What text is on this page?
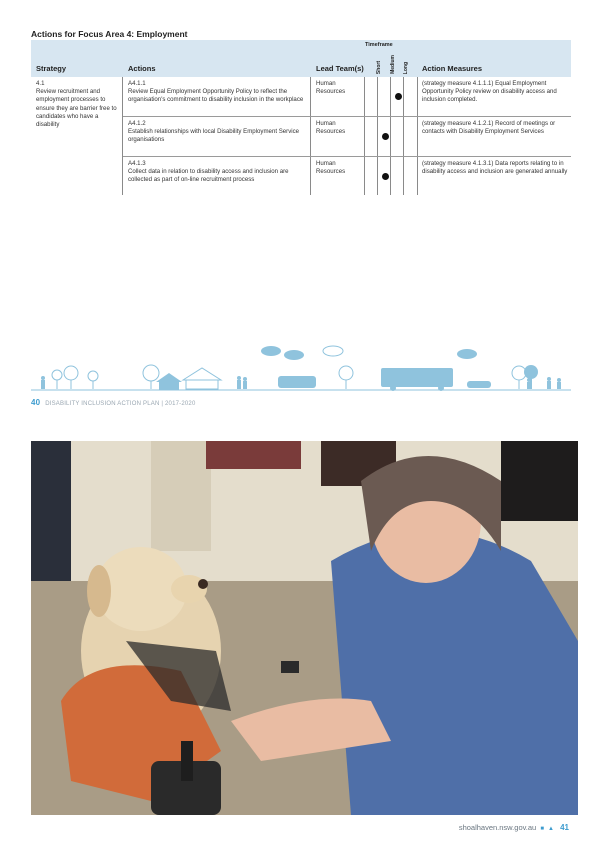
Actions for Focus Area 4: Employment
Strategy	Actions	Lead Team(s)
Timeframe
Short Medium Long Action Measures
4.1
Review recruitment and employment processes to ensure they are barrier free to candidates who have a disability
A4.1.1
Review Equal Employment Opportunity Policy to reflect the organisation's commitment to disability inclusion in the workplace
Human Resources
(strategy measure 4.1.1.1) Equal Employment Opportunity Policy review on disability access and inclusion completed.
A4.1.2
Establish relationships with local Disability Employment Service organisations
Human Resources
(strategy measure 4.1.2.1) Record of meetings or contacts with Disability Employment Services
A4.1.3
Collect data in relation to disability access and inclusion are collected as part of on-line recruitment process
Human Resources
(strategy measure 4.1.3.1) Data reports relating to in disability access and inclusion are generated annually
40 DISABILITY INCLUSION ACTION PLAN | 2017-2020
shoalhaven.nsw.gov.au ■ ▲ 41
